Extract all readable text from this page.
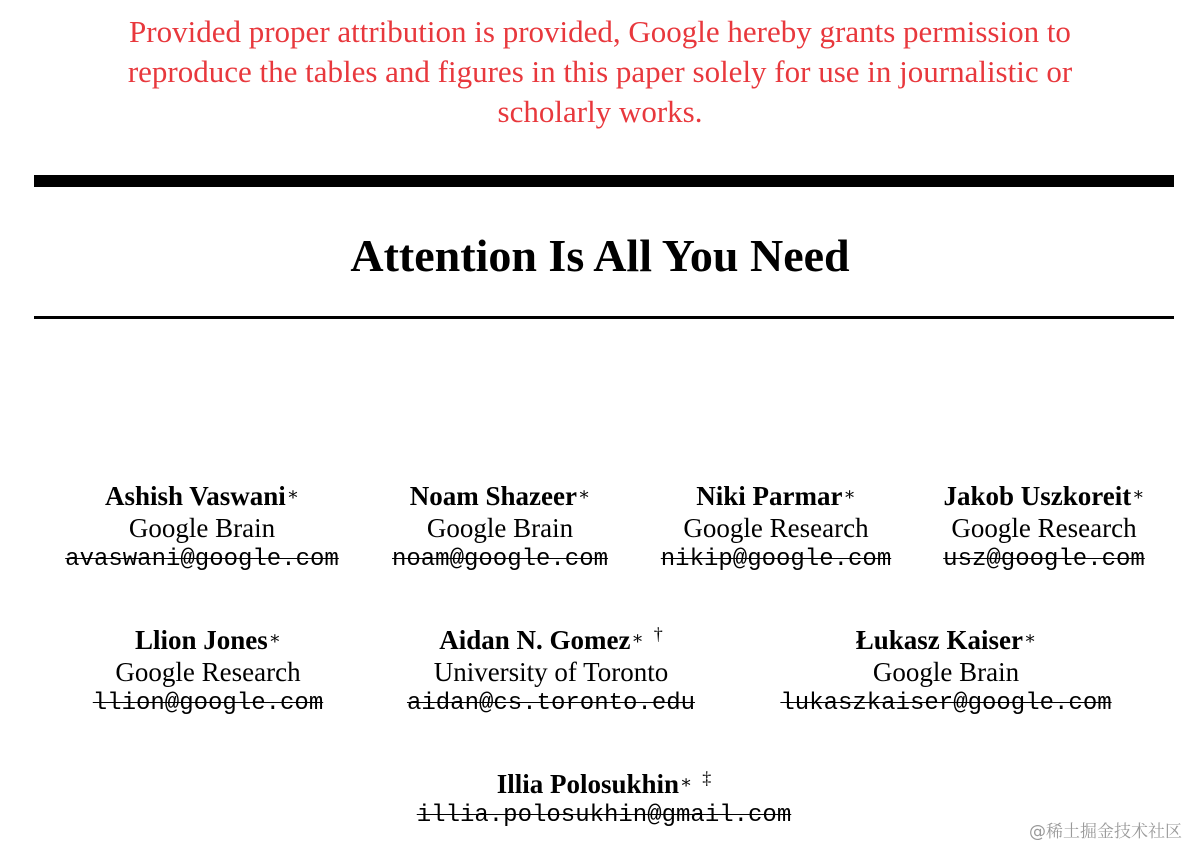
Provided proper attribution is provided, Google hereby grants permission to
reproduce the tables and figures in this paper solely for use in journalistic or
scholarly works.
Attention Is All You Need
Ashish Vaswani∗
Google Brain
avaswani@google.com
Noam Shazeer∗
Google Brain
noam@google.com
Niki Parmar∗
Google Research
nikip@google.com
Jakob Uszkoreit∗
Google Research
usz@google.com
Llion Jones∗
Google Research
llion@google.com
Aidan N. Gomez∗ †
University of Toronto
aidan@cs.toronto.edu
Łukasz Kaiser∗
Google Brain
lukaszkaiser@google.com
Illia Polosukhin∗ ‡
illia.polosukhin@gmail.com
@稀土掘金技术社区
